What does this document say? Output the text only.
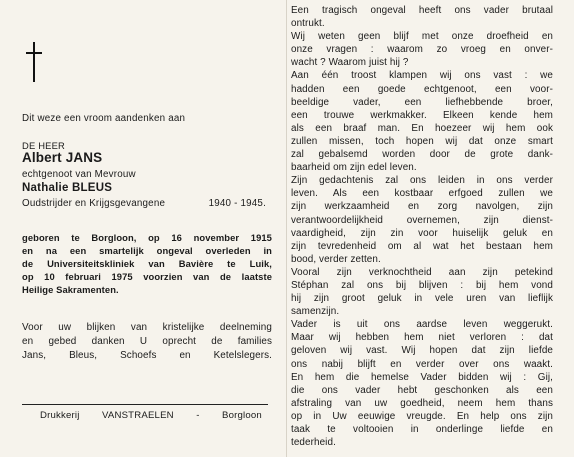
Dit weze een vroom aandenken aan
DE HEER
Albert JANS
echtgenoot van Mevrouw
Nathalie BLEUS
Oudstrijder en Krijgsgevangene	1940 - 1945.
geboren te Borgloon, op 16 november 1915
en na een smartelijk ongeval overleden in
de Universiteitskliniek van Bavière te Luik,
op 10 februari 1975 voorzien van de laatste
Heilige Sakramenten.
Voor uw blijken van kristelijke deelneming
en gebed danken U oprecht de families
Jans, Bleus, Schoefs en Ketelslegers.
Drukkerij VANSTRAELEN - Borgloon
Een tragisch ongeval heeft ons vader brutaal
ontrukt.
Wij weten geen blijf met onze droefheid en
onze vragen : waarom zo vroeg en onver-
wacht ? Waarom juist hij ?
Aan één troost klampen wij ons vast : we
hadden een goede echtgenoot, een voor-
beeldige vader, een liefhebbende broer,
een trouwe werkmakker. Elkeen kende hem
als een braaf man. En hoezeer wij hem ook
zullen missen, toch hopen wij dat onze smart
zal gebalsemd worden door de grote dank-
baarheid om zijn edel leven.
Zijn gedachtenis zal ons leiden in ons verder
leven. Als een kostbaar erfgoed zullen we
zijn werkzaamheid en zorg navolgen, zijn
verantwoordelijkheid overnemen, zijn dienst-
vaardigheid, zijn zin voor huiselijk geluk en
zijn tevredenheid om al wat het bestaan hem
bood, verder zetten.
Vooral zijn verknochtheid aan zijn petekind
Stéphan zal ons bij blijven : bij hem vond
hij zijn groot geluk in vele uren van lieflijk
samenzijn.
Vader is uit ons aardse leven weggerukt.
Maar wij hebben hem niet verloren : dat
geloven wij vast. Wij hopen dat zijn liefde
ons nabij blijft en verder over ons waakt.
En hem die hemelse Vader bidden wij : Gij,
die ons vader hebt geschonken als een
afstraling van uw goedheid, neem hem thans
op in Uw eeuwige vreugde. En help ons zijn
taak te voltooien in onderlinge liefde en
tederheid.
